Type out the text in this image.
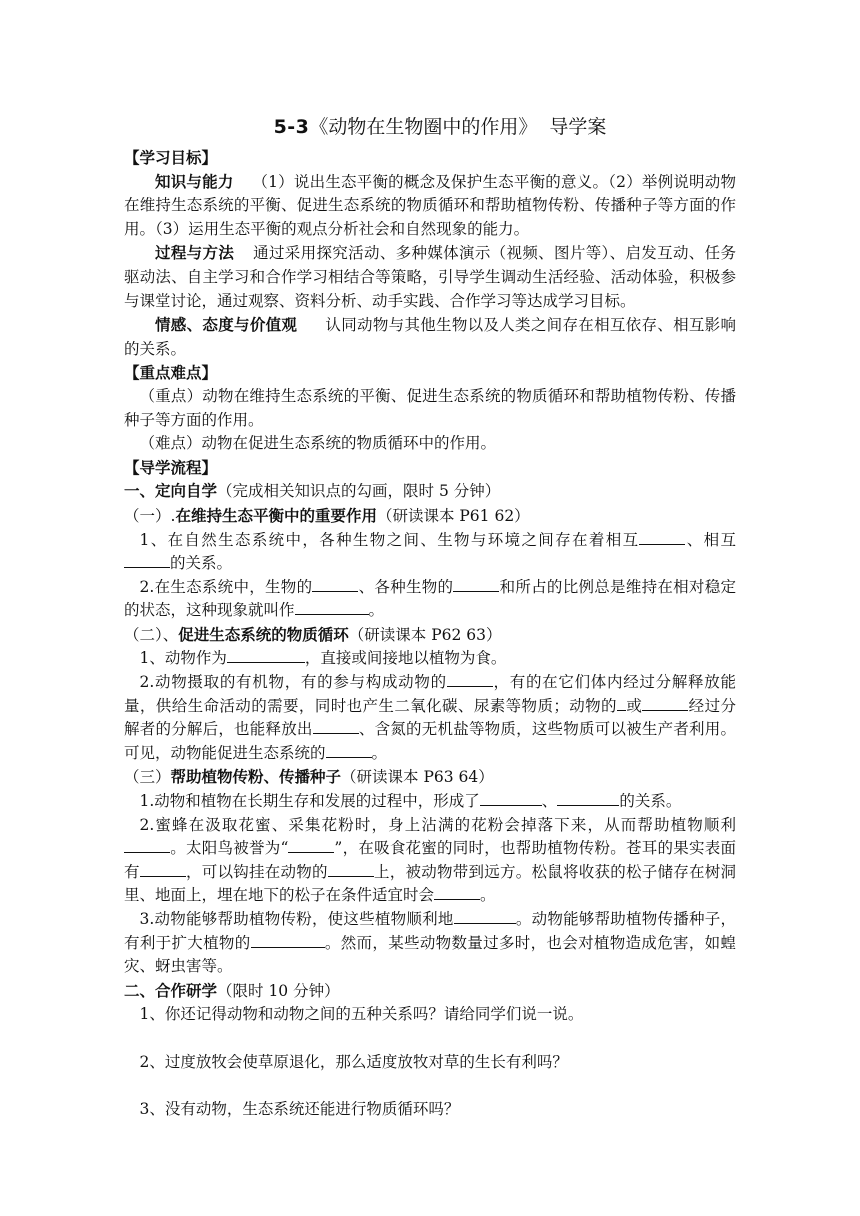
5-3《动物在生物圈中的作用》 导学案

【学习目标】

知识与能力 （1）说出生态平衡的概念及保护生态平衡的意义。（2）举例说明动物在维持生态系统的平衡、促进生态系统的物质循环和帮助植物传粉、传播种子等方面的作用。（3）运用生态平衡的观点分析社会和自然现象的能力。

过程与方法 通过采用探究活动、多种媒体演示（视频、图片等）、启发互动、任务驱动法、自主学习和合作学习相结合等策略，引导学生调动生活经验、活动体验，积极参与课堂讨论，通过观察、资料分析、动手实践、合作学习等达成学习目标。

情感、态度与价值观 认同动物与其他生物以及人类之间存在相互依存、相互影响的关系。

【重点难点】

（重点）动物在维持生态系统的平衡、促进生态系统的物质循环和帮助植物传粉、传播种子等方面的作用。

（难点）动物在促进生态系统的物质循环中的作用。

【导学流程】

一、定向自学（完成相关知识点的勾画，限时 5 分钟）

（一）.在维持生态平衡中的重要作用（研读课本 P61 62）

1、在自然生态系统中，各种生物之间、生物与环境之间存在着相互	、相互的关系。

2.在生态系统中，生物的	、各种生物的	和所占的比例总是维持在相对稳定的状态，这种现象就叫作	。

（二）、促进生态系统的物质循环（研读课本 P62 63）

1、动物作为	，直接或间接地以植物为食。

2.动物摄取的有机物，有的参与构成动物的	，有的在它们体内经过分解释放能量，供给生命活动的需要，同时也产生二氧化碳、尿素等物质；动物的 或	经过分解者的分解后，也能释放出	、含氮的无机盐等物质，这些物质可以被生产者利用。可见，动物能促进生态系统的	。

（三）帮助植物传粉、传播种子（研读课本 P63 64）

1.动物和植物在长期生存和发展的过程中，形成了	、	的关系。

2.蜜蜂在汲取花蜜、采集花粉时，身上沾满的花粉会掉落下来，从而帮助植物顺利。太阳鸟被誉为“	”，在吸食花蜜的同时，也帮助植物传粉。苍耳的果实表面有	，可以钩挂在动物的	上，被动物带到远方。松鼠将收获的松子储存在树洞里、地面上，埋在地下的松子在条件适宜时会	。

3.动物能够帮助植物传粉，使这些植物顺利地	。动物能够帮助植物传播种子，有利于扩大植物的	。然而，某些动物数量过多时，也会对植物造成危害，如蝗灾、蚜虫害等。

二、合作研学（限时 10 分钟）

1、你还记得动物和动物之间的五种关系吗？请给同学们说一说。

2、过度放牧会使草原退化，那么适度放牧对草的生长有利吗？

3、没有动物，生态系统还能进行物质循环吗？
